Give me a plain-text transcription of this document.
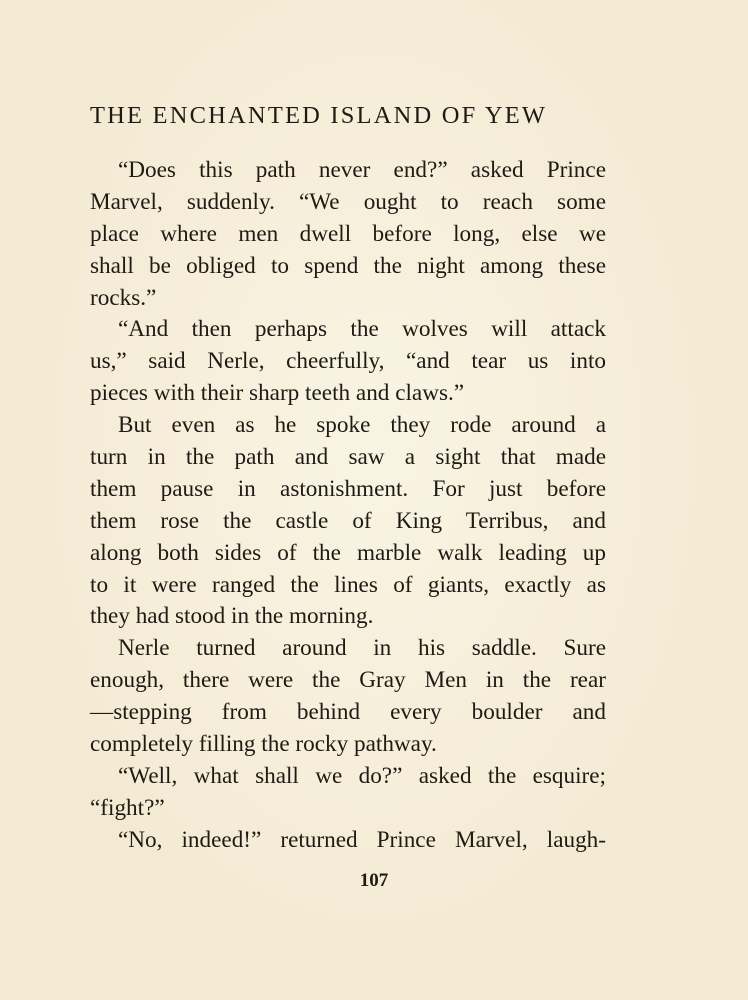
THE ENCHANTED ISLAND OF YEW
“Does this path never end?” asked Prince
Marvel, suddenly. “We ought to reach some
place where men dwell before long, else we
shall be obliged to spend the night among these
rocks.”
“And then perhaps the wolves will attack
us,” said Nerle, cheerfully, “and tear us into
pieces with their sharp teeth and claws.”
But even as he spoke they rode around a
turn in the path and saw a sight that made
them pause in astonishment. For just before
them rose the castle of King Terribus, and
along both sides of the marble walk leading up
to it were ranged the lines of giants, exactly as
they had stood in the morning.
Nerle turned around in his saddle. Sure
enough, there were the Gray Men in the rear
—stepping from behind every boulder and
completely filling the rocky pathway.
“Well, what shall we do?” asked the esquire;
“fight?”
“No, indeed!” returned Prince Marvel, laugh-
107
